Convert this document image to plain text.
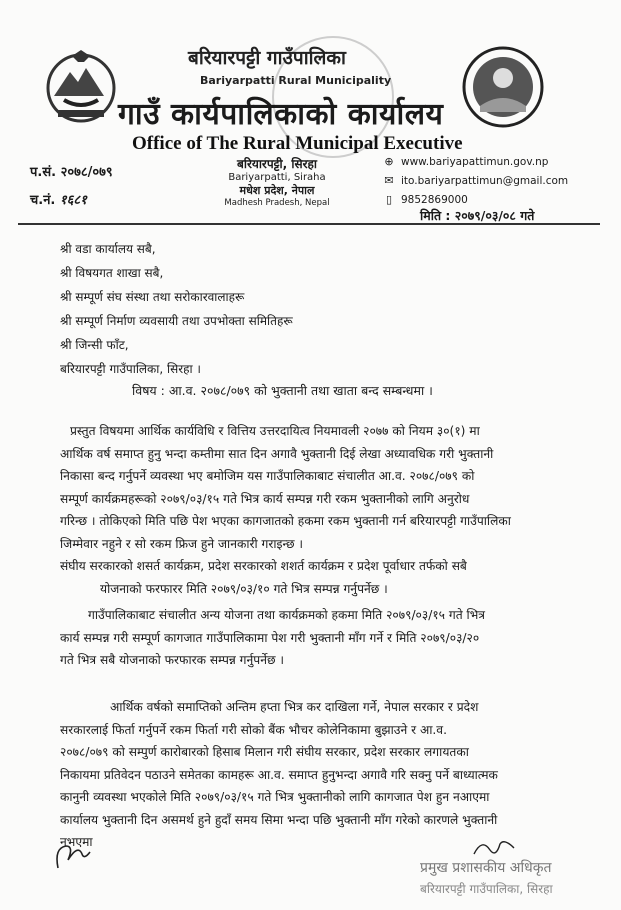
बरियारपट्टी गाउँपालिका
Bariyarpatti Rural Municipality
गाउँ कार्यपालिकाको कार्यालय
Office of The Rural Municipal Executive
प.सं. २०७८/०७९
च.नं. १६८१
बरियारपट्टी, सिरहा
Bariyarpatti, Siraha
मधेश प्रदेश, नेपाल
Madhesh Pradesh, Nepal
⊕ www.bariyapattimun.gov.np
✉ ito.bariyarpattimun@gmail.com
▯ 9852869000
मिति : २०७९/०३/०८ गते
श्री वडा कार्यालय सबै,
श्री विषयगत शाखा सबै,
श्री सम्पूर्ण संघ संस्था तथा सरोकारवालाहरू
श्री सम्पूर्ण निर्माण व्यवसायी तथा उपभोक्ता समितिहरू
श्री जिन्सी फाँट,
बरियारपट्टी गाउँपालिका, सिरहा ।
विषय : आ.व. २०७८/०७९ को भुक्तानी तथा खाता बन्द सम्बन्धमा ।
प्रस्तुत विषयमा आर्थिक कार्यविधि र वित्तिय उत्तरदायित्व नियमावली २०७७ को नियम ३०(१) मा
आर्थिक वर्ष समाप्त हुनु भन्दा कम्तीमा सात दिन अगावै भुक्तानी दिई लेखा अध्यावधिक गरी भुक्तानी
निकासा बन्द गर्नुपर्ने व्यवस्था भए बमोजिम यस गाउँपालिकाबाट संचालीत आ.व. २०७८/०७९ को
सम्पूर्ण कार्यक्रमहरूको २०७९/०३/१५ गते भित्र कार्य सम्पन्न गरी रकम भुक्तानीको लागि अनुरोध
गरिन्छ । तोकिएको मिति पछि पेश भएका कागजातको हकमा रकम भुक्तानी गर्न बरियारपट्टी गाउँपालिका
जिम्मेवार नहुने र सो रकम फ्रिज हुने जानकारी गराइन्छ ।
संघीय सरकारको शसर्त कार्यक्रम, प्रदेश सरकारको शशर्त कार्यक्रम र प्रदेश पूर्वाधार तर्फको सबै
योजनाको फरफारर मिति २०७९/०३/१० गते भित्र सम्पन्न गर्नुपर्नेछ ।
गाउँपालिकाबाट संचालीत अन्य योजना तथा कार्यक्रमको हकमा मिति २०७९/०३/१५ गते भित्र
कार्य सम्पन्न गरी सम्पूर्ण कागजात गाउँपालिकामा पेश गरी भुक्तानी माँग गर्ने र मिति २०७९/०३/२०
गते भित्र सबै योजनाको फरफारक सम्पन्न गर्नुपर्नेछ ।
आर्थिक वर्षको समाप्तिको अन्तिम हप्ता भित्र कर दाखिला गर्ने, नेपाल सरकार र प्रदेश
सरकारलाई फिर्ता गर्नुपर्ने रकम फिर्ता गरी सोको बैंक भौचर कोलेनिकामा बुझाउने र आ.व.
२०७८/०७९ को सम्पुर्ण कारोबारको हिसाब मिलान गरी संघीय सरकार, प्रदेश सरकार लगायतका
निकायमा प्रतिवेदन पठाउने समेतका कामहरू आ.व. समाप्त हुनुभन्दा अगावै गरि सक्नु पर्ने बाध्यात्मक
कानुनी व्यवस्था भएकोले मिति २०७९/०३/१५ गते भित्र भुक्तानीको लागि कागजात पेश हुन नआएमा
कार्यालय भुक्तानी दिन असमर्थ हुने हुदाँ समय सिमा भन्दा पछि भुक्तानी माँग गरेको कारणले भुक्तानी
नभएमा
प्रमुख प्रशासकीय अधिकृत
बरियारपट्टी गाउँपालिका, सिरहा
